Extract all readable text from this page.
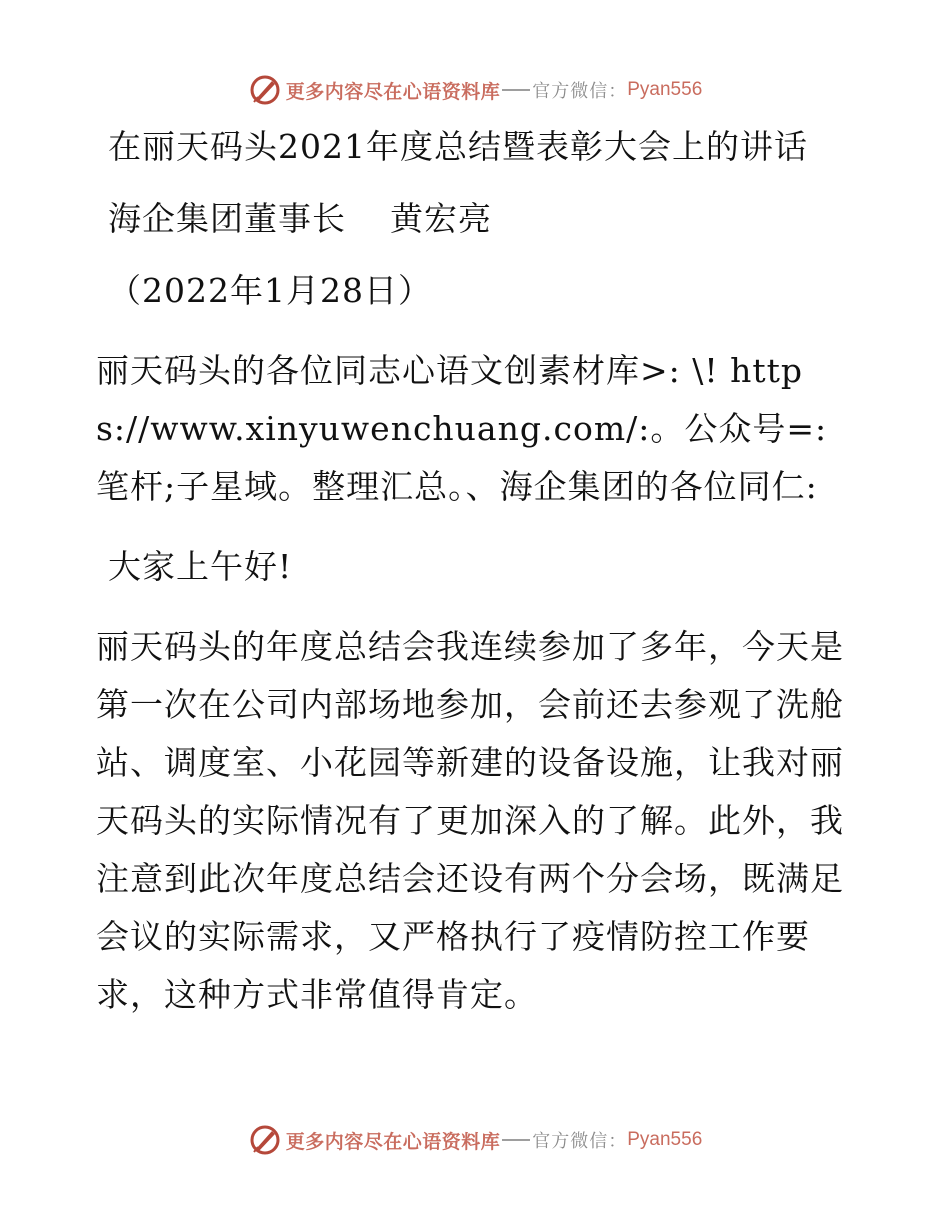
更多内容尽在心语资料库 官方微信： Pyan556

在丽天码头2021年度总结暨表彰大会上的讲话

海企集团董事长 黄宏亮

（2022年1月28日）

丽天码头的各位同志心语文创素材库>: \! https://www.xinyuwenchuang.com/:。公众号=: 笔杆;子星域。整理汇总。、海企集团的各位同仁:

大家上午好!

丽天码头的年度总结会我连续参加了多年，今天是第一次在公司内部场地参加，会前还去参观了洗舱站、调度室、小花园等新建的设备设施，让我对丽天码头的实际情况有了更加深入的了解。此外，我注意到此次年度总结会还设有两个分会场，既满足会议的实际需求，又严格执行了疫情防控工作要求，这种方式非常值得肯定。

更多内容尽在心语资料库 官方微信： Pyan556
